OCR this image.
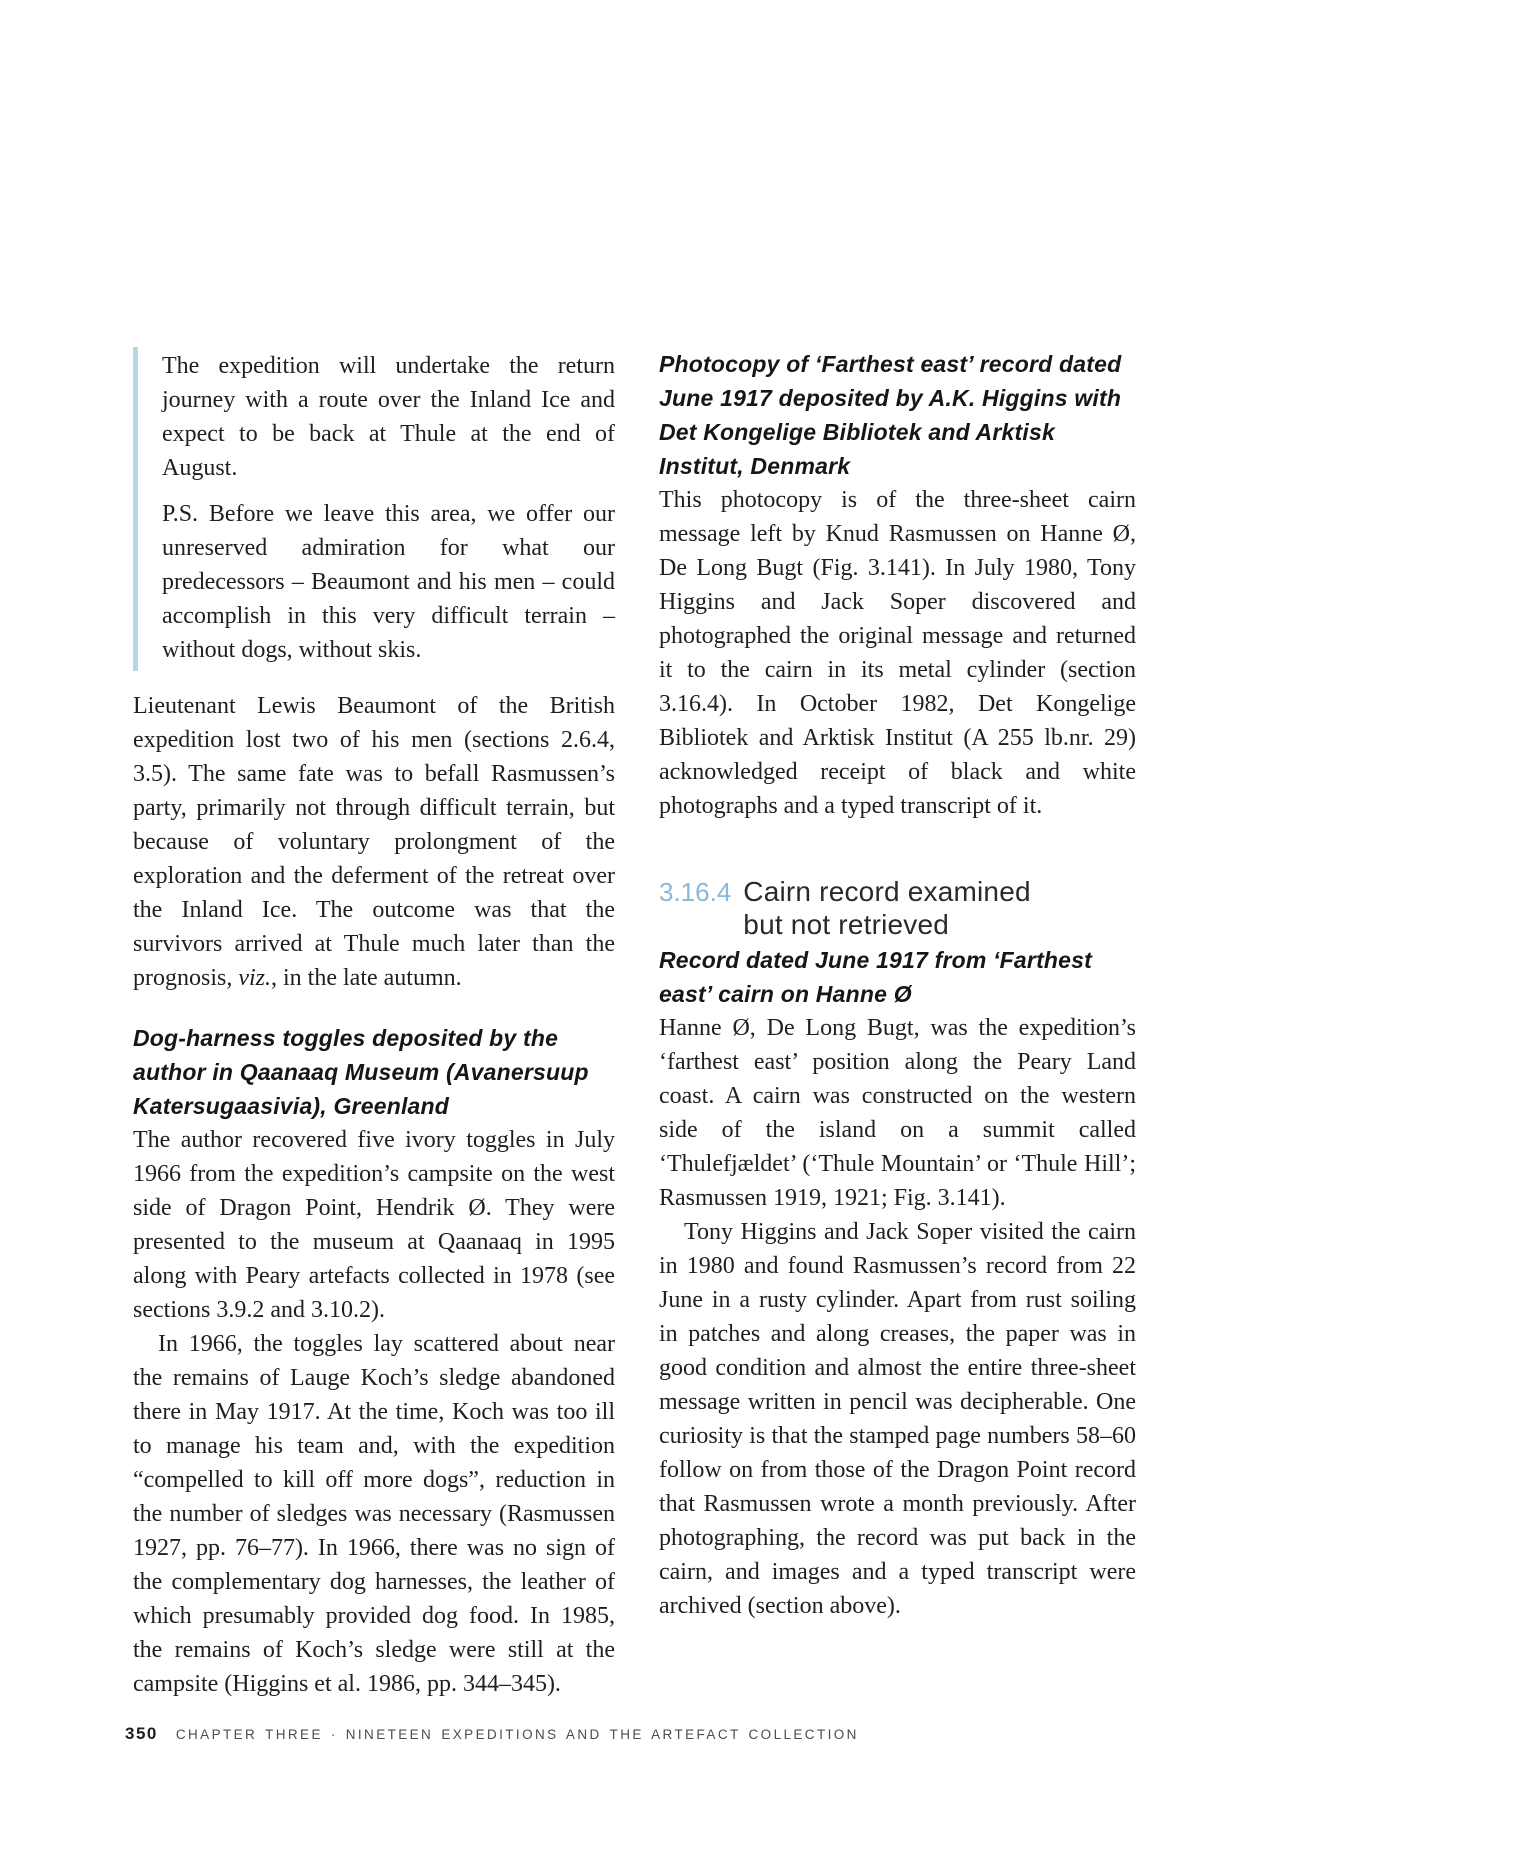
The expedition will undertake the return journey with a route over the Inland Ice and expect to be back at Thule at the end of August.

P.S. Before we leave this area, we offer our unreserved admiration for what our predecessors – Beaumont and his men – could accomplish in this very difficult terrain – without dogs, without skis.

Lieutenant Lewis Beaumont of the British expedition lost two of his men (sections 2.6.4, 3.5). The same fate was to befall Rasmussen’s party, primarily not through difficult terrain, but because of voluntary prolongment of the exploration and the deferment of the retreat over the Inland Ice. The outcome was that the survivors arrived at Thule much later than the prognosis, viz., in the late autumn.

Dog-harness toggles deposited by the author in Qaanaaq Museum (Avanersuup Katersugaasivia), Greenland

The author recovered five ivory toggles in July 1966 from the expedition’s campsite on the west side of Dragon Point, Hendrik Ø. They were presented to the museum at Qaanaaq in 1995 along with Peary artefacts collected in 1978 (see sections 3.9.2 and 3.10.2).

In 1966, the toggles lay scattered about near the remains of Lauge Koch’s sledge abandoned there in May 1917. At the time, Koch was too ill to manage his team and, with the expedition “compelled to kill off more dogs”, reduction in the number of sledges was necessary (Rasmussen 1927, pp. 76–77). In 1966, there was no sign of the complementary dog harnesses, the leather of which presumably provided dog food. In 1985, the remains of Koch’s sledge were still at the campsite (Higgins et al. 1986, pp. 344–345).

Photocopy of ‘Farthest east’ record dated June 1917 deposited by A.K. Higgins with Det Kongelige Bibliotek and Arktisk Institut, Denmark

This photocopy is of the three-sheet cairn message left by Knud Rasmussen on Hanne Ø, De Long Bugt (Fig. 3.141). In July 1980, Tony Higgins and Jack Soper discovered and photographed the original message and returned it to the cairn in its metal cylinder (section 3.16.4). In October 1982, Det Kongelige Bibliotek and Arktisk Institut (A 255 lb.nr. 29) acknowledged receipt of black and white photographs and a typed transcript of it.

3.16.4 Cairn record examined
but not retrieved
Record dated June 1917 from ‘Farthest east’ cairn on Hanne Ø

Hanne Ø, De Long Bugt, was the expedition’s ‘farthest east’ position along the Peary Land coast. A cairn was constructed on the western side of the island on a summit called ‘Thulefjældet’ (‘Thule Mountain’ or ‘Thule Hill’; Rasmussen 1919, 1921; Fig. 3.141).

Tony Higgins and Jack Soper visited the cairn in 1980 and found Rasmussen’s record from 22 June in a rusty cylinder. Apart from rust soiling in patches and along creases, the paper was in good condition and almost the entire three-sheet message written in pencil was decipherable. One curiosity is that the stamped page numbers 58–60 follow on from those of the Dragon Point record that Rasmussen wrote a month previously. After photographing, the record was put back in the cairn, and images and a typed transcript were archived (section above).

350 CHAPTER THREE · NINETEEN EXPEDITIONS AND THE ARTEFACT COLLECTION
